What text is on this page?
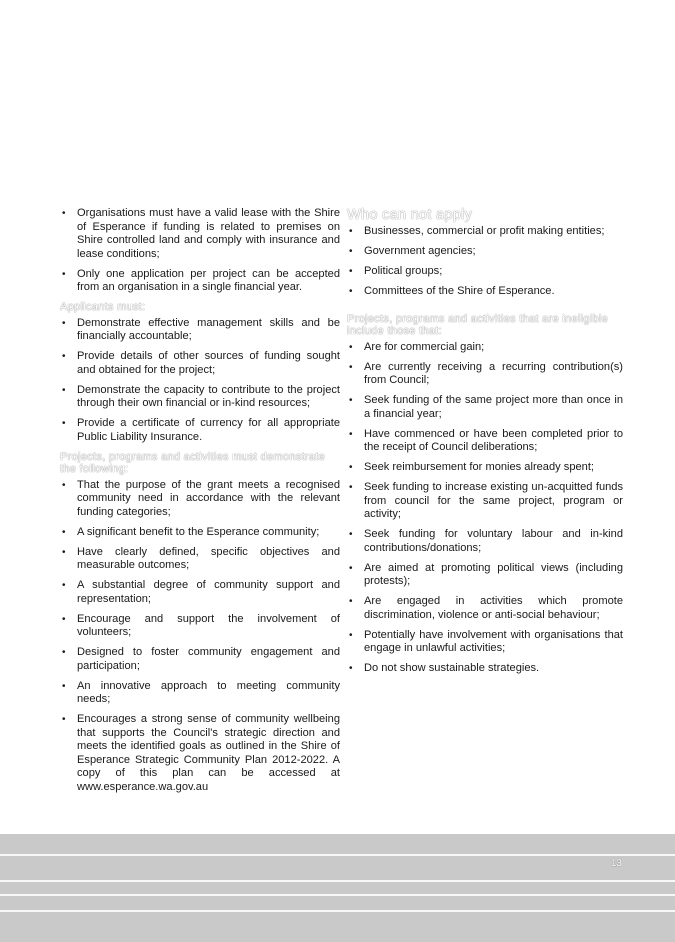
• Organisations must have a valid lease with the Shire of Esperance if funding is related to premises on Shire controlled land and comply with insurance and lease conditions;
• Only one application per project can be accepted from an organisation in a single financial year.
Applicants must:
• Demonstrate effective management skills and be financially accountable;
• Provide details of other sources of funding sought and obtained for the project;
• Demonstrate the capacity to contribute to the project through their own financial or in-kind resources;
• Provide a certificate of currency for all appropriate Public Liability Insurance.
Projects, programs and activities must demonstrate the following:
• That the purpose of the grant meets a recognised community need in accordance with the relevant funding categories;
• A significant benefit to the Esperance community;
• Have clearly defined, specific objectives and measurable outcomes;
• A substantial degree of community support and representation;
• Encourage and support the involvement of volunteers;
• Designed to foster community engagement and participation;
• An innovative approach to meeting community needs;
• Encourages a strong sense of community wellbeing that supports the Council's strategic direction and meets the identified goals as outlined in the Shire of Esperance Strategic Community Plan 2012-2022. A copy of this plan can be accessed at www.esperance.wa.gov.au
Who can not apply
• Businesses, commercial or profit making entities;
• Government agencies;
• Political groups;
• Committees of the Shire of Esperance.
Projects, programs and activities that are ineligible include those that:
• Are for commercial gain;
• Are currently receiving a recurring contribution(s) from Council;
• Seek funding of the same project more than once in a financial year;
• Have commenced or have been completed prior to the receipt of Council deliberations;
• Seek reimbursement for monies already spent;
• Seek funding to increase existing un-acquitted funds from council for the same project, program or activity;
• Seek funding for voluntary labour and in-kind contributions/donations;
• Are aimed at promoting political views (including protests);
• Are engaged in activities which promote discrimination, violence or anti-social behaviour;
• Potentially have involvement with organisations that engage in unlawful activities;
• Do not show sustainable strategies.
13
